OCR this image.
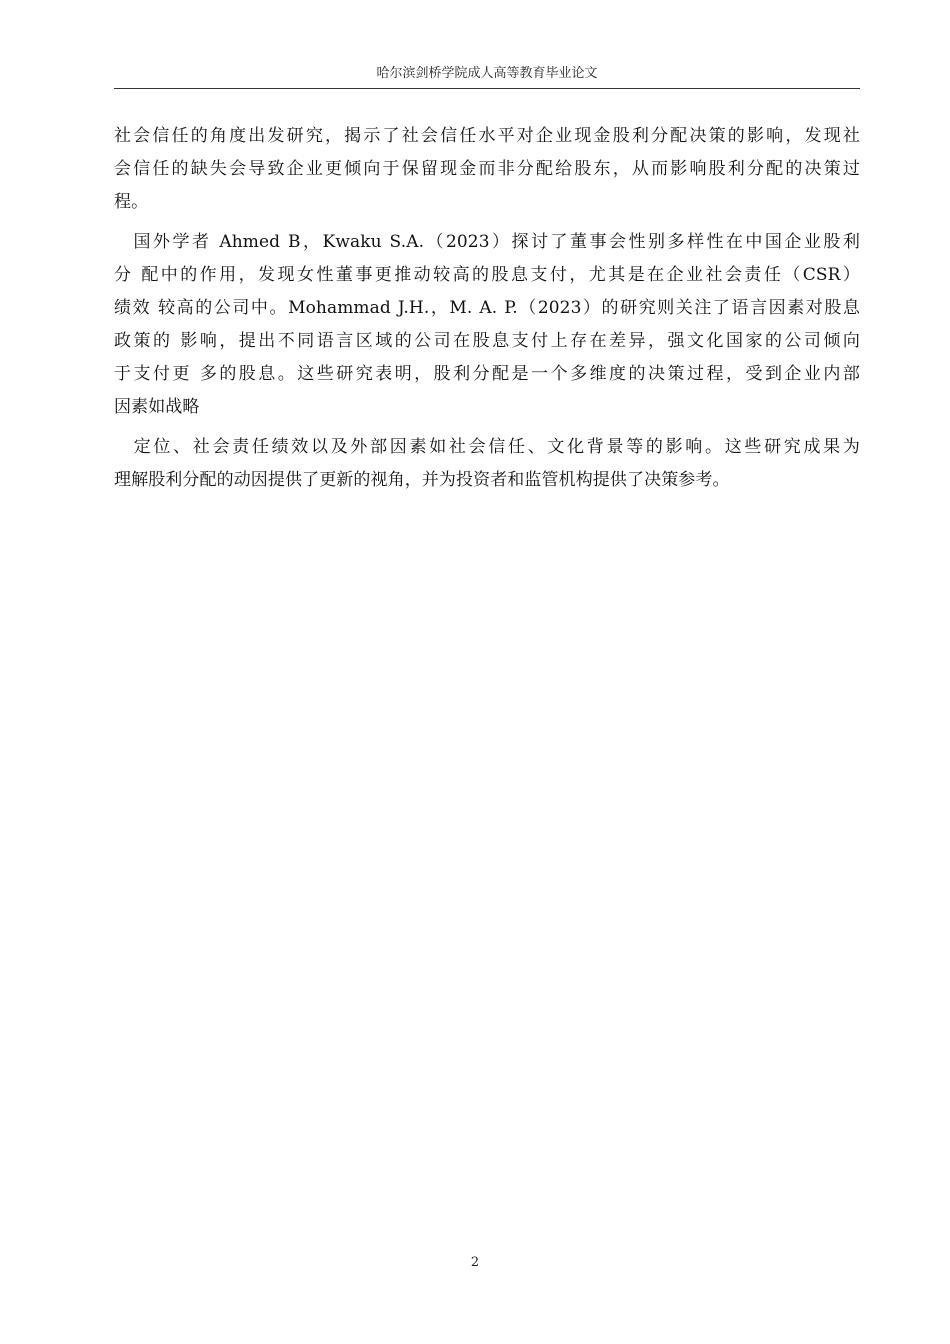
哈尔滨剑桥学院成人高等教育毕业论文
社会信任的角度出发研究，揭示了社会信任水平对企业现金股利分配决策的影响，发现社
会信任的缺失会导致企业更倾向于保留现金而非分配给股东，从而影响股利分配的决策过
程。
　国外学者 Ahmed B，Kwaku S.A.（2023）探讨了董事会性别多样性在中国企业股利
分 配中的作用，发现女性董事更推动较高的股息支付，尤其是在企业社会责任（CSR）
绩效 较高的公司中。Mohammad J.H.，M. A. P.（2023）的研究则关注了语言因素对股息
政策的 影响，提出不同语言区域的公司在股息支付上存在差异，强文化国家的公司倾向
于支付更 多的股息。这些研究表明，股利分配是一个多维度的决策过程，受到企业内部
因素如战略
　定位、社会责任绩效以及外部因素如社会信任、文化背景等的影响。这些研究成果为
理解股利分配的动因提供了更新的视角，并为投资者和监管机构提供了决策参考。
2
